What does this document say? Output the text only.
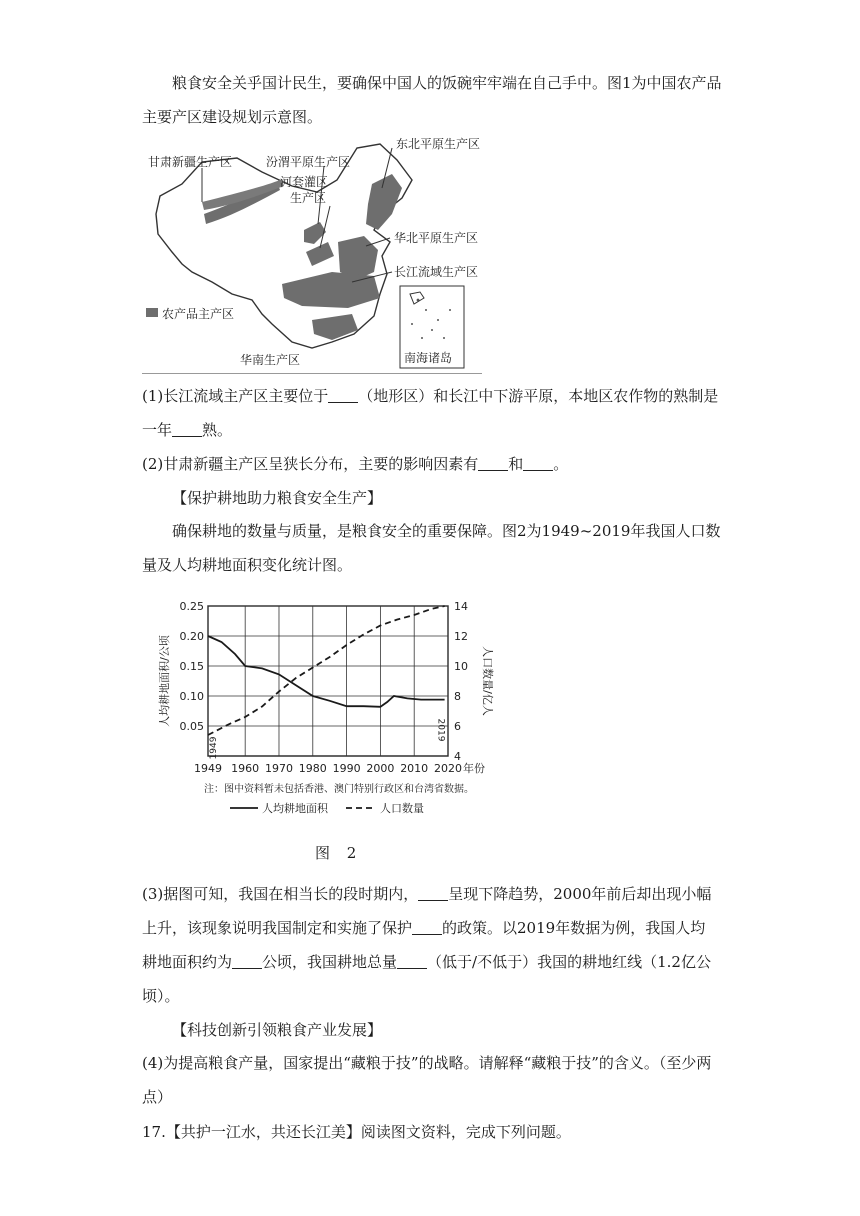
粮食安全关乎国计民生，要确保中国人的饭碗牢牢端在自己手中。图1为中国农产品主要产区建设规划示意图。

甘肃新疆生产区	汾渭平原生产区
河套灌区
生产区
东北平原生产区
华北平原生产区
长江流域生产区
农产品主产区
华南生产区	南海诸岛
(1)长江流域主产区主要位于 （地形区）和长江中下游平原，本地区农作物的熟制是
一年 熟。
(2)甘肃新疆主产区呈狭长分布，主要的影响因素有 和 。
【保护耕地助力粮食安全生产】

确保耕地的数量与质量，是粮食安全的重要保障。图2为1949~2019年我国人口数量及人均耕地面积变化统计图。

1949 1960 1970 1980 1990 2000 2010 2020
0.25
0.20
0.15
0.10
0.05
14
12
10
8
6
4
年份
人均耕地面积/公顷	人口数量/亿人
1949
2019
注：图中资料暂未包括香港、澳门特别行政区和台湾省数据。
人均耕地面积	人口数量
图 2
(3)据图可知，我国在相当长的段时期内， 呈现下降趋势，2000年前后却出现小幅
上升，该现象说明我国制定和实施了保护 的政策。以2019年数据为例，我国人均
耕地面积约为 公顷，我国耕地总量 （低于/不低于）我国的耕地红线（1.2亿公
顷）。
【科技创新引领粮食产业发展】

(4)为提高粮食产量，国家提出“藏粮于技”的战略。请解释“藏粮于技”的含义。（至少两点）

17.【共护一江水，共还长江美】阅读图文资料，完成下列问题。
